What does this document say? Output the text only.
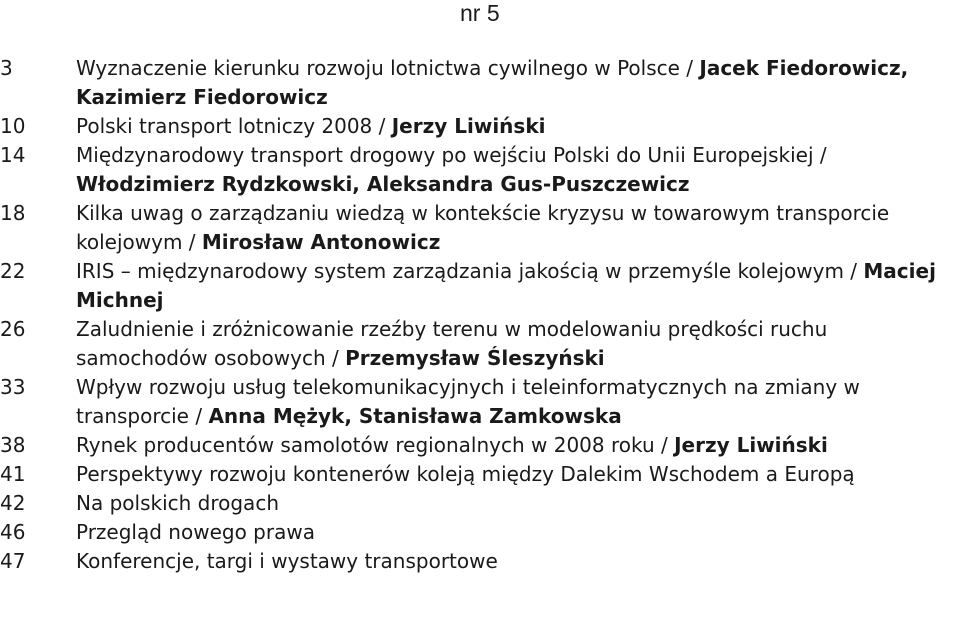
nr 5
3	Wyznaczenie kierunku rozwoju lotnictwa cywilnego w Polsce / Jacek Fiedorowicz, Kazimierz Fiedorowicz
10	Polski transport lotniczy 2008 / Jerzy Liwiński
14	Międzynarodowy transport drogowy po wejściu Polski do Unii Europejskiej / Włodzimierz Rydzkowski, Aleksandra Gus-Puszczewicz
18	Kilka uwag o zarządzaniu wiedzą w kontekście kryzysu w towarowym transporcie kolejowym / Mirosław Antonowicz
22	IRIS – międzynarodowy system zarządzania jakością w przemyśle kolejowym / Maciej Michnej
26	Zaludnienie i zróżnicowanie rzeźby terenu w modelowaniu prędkości ruchu samochodów osobowych / Przemysław Śleszyński
33	Wpływ rozwoju usług telekomunikacyjnych i teleinformatycznych na zmiany w transporcie / Anna Mężyk, Stanisława Zamkowska
38	Rynek producentów samolotów regionalnych w 2008 roku / Jerzy Liwiński
41	Perspektywy rozwoju kontenerów koleją między Dalekim Wschodem a Europą
42	Na polskich drogach
46	Przegląd nowego prawa
47	Konferencje, targi i wystawy transportowe
